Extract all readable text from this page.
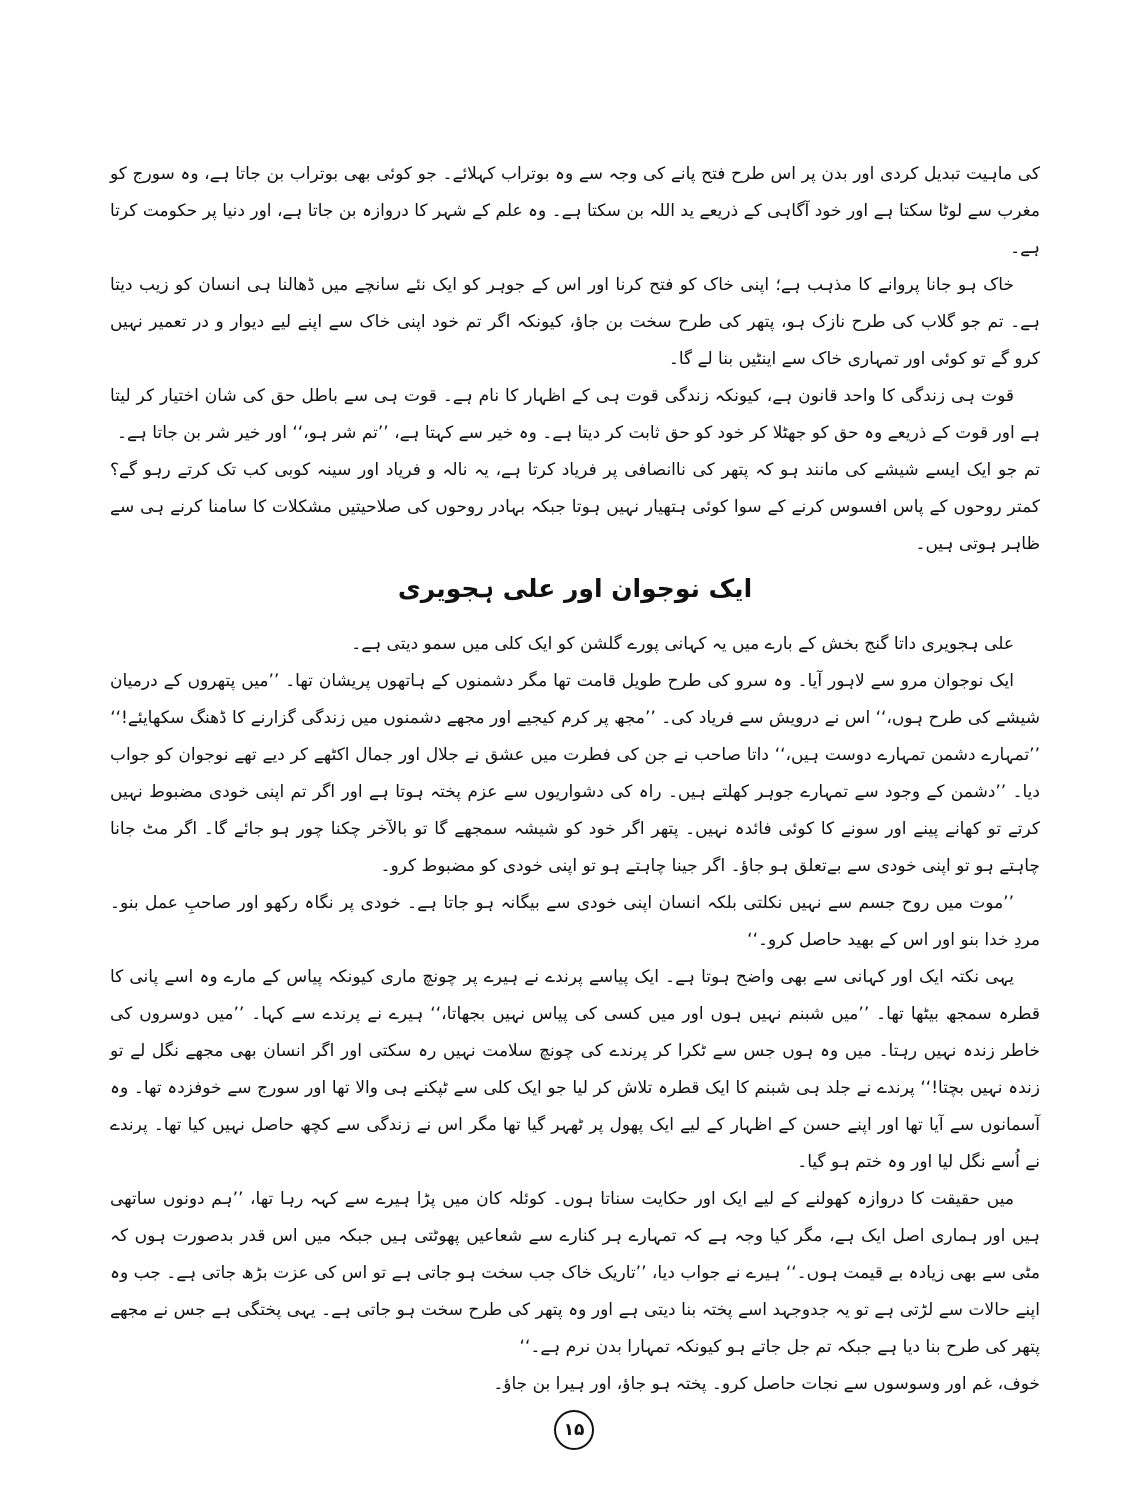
کی ماہیت تبدیل کردی اور بدن پر اس طرح فتح پانے کی وجہ سے وہ بوتراب کہلائے۔ جو کوئی بھی بوتراب بن جاتا ہے، وہ سورج کو مغرب سے لوٹا سکتا ہے اور خود آگاہی کے ذریعے ید اللہ بن سکتا ہے۔ وہ علم کے شہر کا دروازہ بن جاتا ہے، اور دنیا پر حکومت کرتا ہے۔

خاک ہو جانا پروانے کا مذہب ہے؛ اپنی خاک کو فتح کرنا اور اس کے جوہر کو ایک نئے سانچے میں ڈھالنا ہی انسان کو زیب دیتا ہے۔ تم جو گلاب کی طرح نازک ہو، پتھر کی طرح سخت بن جاؤ، کیونکہ اگر تم خود اپنی خاک سے اپنے لیے دیوار و در تعمیر نہیں کرو گے تو کوئی اور تمہاری خاک سے اینٹیں بنا لے گا۔

قوت ہی زندگی کا واحد قانون ہے، کیونکہ زندگی قوت ہی کے اظہار کا نام ہے۔ قوت ہی سے باطل حق کی شان اختیار کر لیتا ہے اور قوت کے ذریعے وہ حق کو جھٹلا کر خود کو حق ثابت کر دیتا ہے۔ وہ خیر سے کہتا ہے، ’’تم شر ہو،‘‘ اور خیر شر بن جاتا ہے۔

تم جو ایک ایسے شیشے کی مانند ہو کہ پتھر کی ناانصافی پر فریاد کرتا ہے، یہ نالہ و فریاد اور سینہ کوبی کب تک کرتے رہو گے؟ کمتر روحوں کے پاس افسوس کرنے کے سوا کوئی ہتھیار نہیں ہوتا جبکہ بہادر روحوں کی صلاحیتیں مشکلات کا سامنا کرنے ہی سے ظاہر ہوتی ہیں۔

ایک نوجوان اور علی ہجویری

علی ہجویری داتا گنج بخش کے بارے میں یہ کہانی پورے گلشن کو ایک کلی میں سمو دیتی ہے۔

ایک نوجوان مرو سے لاہور آیا۔ وہ سرو کی طرح طویل قامت تھا مگر دشمنوں کے ہاتھوں پریشان تھا۔ ’’میں پتھروں کے درمیان شیشے کی طرح ہوں،‘‘ اس نے درویش سے فریاد کی۔ ’’مجھ پر کرم کیجیے اور مجھے دشمنوں میں زندگی گزارنے کا ڈھنگ سکھایئے!‘‘

’’تمہارے دشمن تمہارے دوست ہیں،‘‘ داتا صاحب نے جن کی فطرت میں عشق نے جلال اور جمال اکٹھے کر دیے تھے نوجوان کو جواب دیا۔ ’’دشمن کے وجود سے تمہارے جوہر کھلتے ہیں۔ راہ کی دشواریوں سے عزم پختہ ہوتا ہے اور اگر تم اپنی خودی مضبوط نہیں کرتے تو کھانے پینے اور سونے کا کوئی فائدہ نہیں۔ پتھر اگر خود کو شیشہ سمجھے گا تو بالآخر چکنا چور ہو جائے گا۔ اگر مٹ جانا چاہتے ہو تو اپنی خودی سے بےتعلق ہو جاؤ۔ اگر جینا چاہتے ہو تو اپنی خودی کو مضبوط کرو۔

’’موت میں روح جسم سے نہیں نکلتی بلکہ انسان اپنی خودی سے بیگانہ ہو جاتا ہے۔ خودی پر نگاہ رکھو اور صاحبِ عمل بنو۔ مردِ خدا بنو اور اس کے بھید حاصل کرو۔‘‘

یہی نکتہ ایک اور کہانی سے بھی واضح ہوتا ہے۔ ایک پیاسے پرندے نے ہیرے پر چونچ ماری کیونکہ پیاس کے مارے وہ اسے پانی کا قطرہ سمجھ بیٹھا تھا۔ ’’میں شبنم نہیں ہوں اور میں کسی کی پیاس نہیں بجھاتا،‘‘ ہیرے نے پرندے سے کہا۔ ’’میں دوسروں کی خاطر زندہ نہیں رہتا۔ میں وہ ہوں جس سے ٹکرا کر پرندے کی چونچ سلامت نہیں رہ سکتی اور اگر انسان بھی مجھے نگل لے تو زندہ نہیں بچتا!‘‘ پرندے نے جلد ہی شبنم کا ایک قطرہ تلاش کر لیا جو ایک کلی سے ٹپکنے ہی والا تھا اور سورج سے خوفزدہ تھا۔ وہ آسمانوں سے آیا تھا اور اپنے حسن کے اظہار کے لیے ایک پھول پر ٹھہر گیا تھا مگر اس نے زندگی سے کچھ حاصل نہیں کیا تھا۔ پرندے نے اُسے نگل لیا اور وہ ختم ہو گیا۔

میں حقیقت کا دروازہ کھولنے کے لیے ایک اور حکایت سناتا ہوں۔ کوئلہ کان میں پڑا ہیرے سے کہہ رہا تھا، ’’ہم دونوں ساتھی ہیں اور ہماری اصل ایک ہے، مگر کیا وجہ ہے کہ تمہارے ہر کنارے سے شعاعیں پھوٹتی ہیں جبکہ میں اس قدر بدصورت ہوں کہ مٹی سے بھی زیادہ بے قیمت ہوں۔‘‘ ہیرے نے جواب دیا، ’’تاریک خاک جب سخت ہو جاتی ہے تو اس کی عزت بڑھ جاتی ہے۔ جب وہ اپنے حالات سے لڑتی ہے تو یہ جدوجہد اسے پختہ بنا دیتی ہے اور وہ پتھر کی طرح سخت ہو جاتی ہے۔ یہی پختگی ہے جس نے مجھے پتھر کی طرح بنا دیا ہے جبکہ تم جل جاتے ہو کیونکہ تمہارا بدن نرم ہے۔‘‘

خوف، غم اور وسوسوں سے نجات حاصل کرو۔ پختہ ہو جاؤ، اور ہیرا بن جاؤ۔

۱۵
